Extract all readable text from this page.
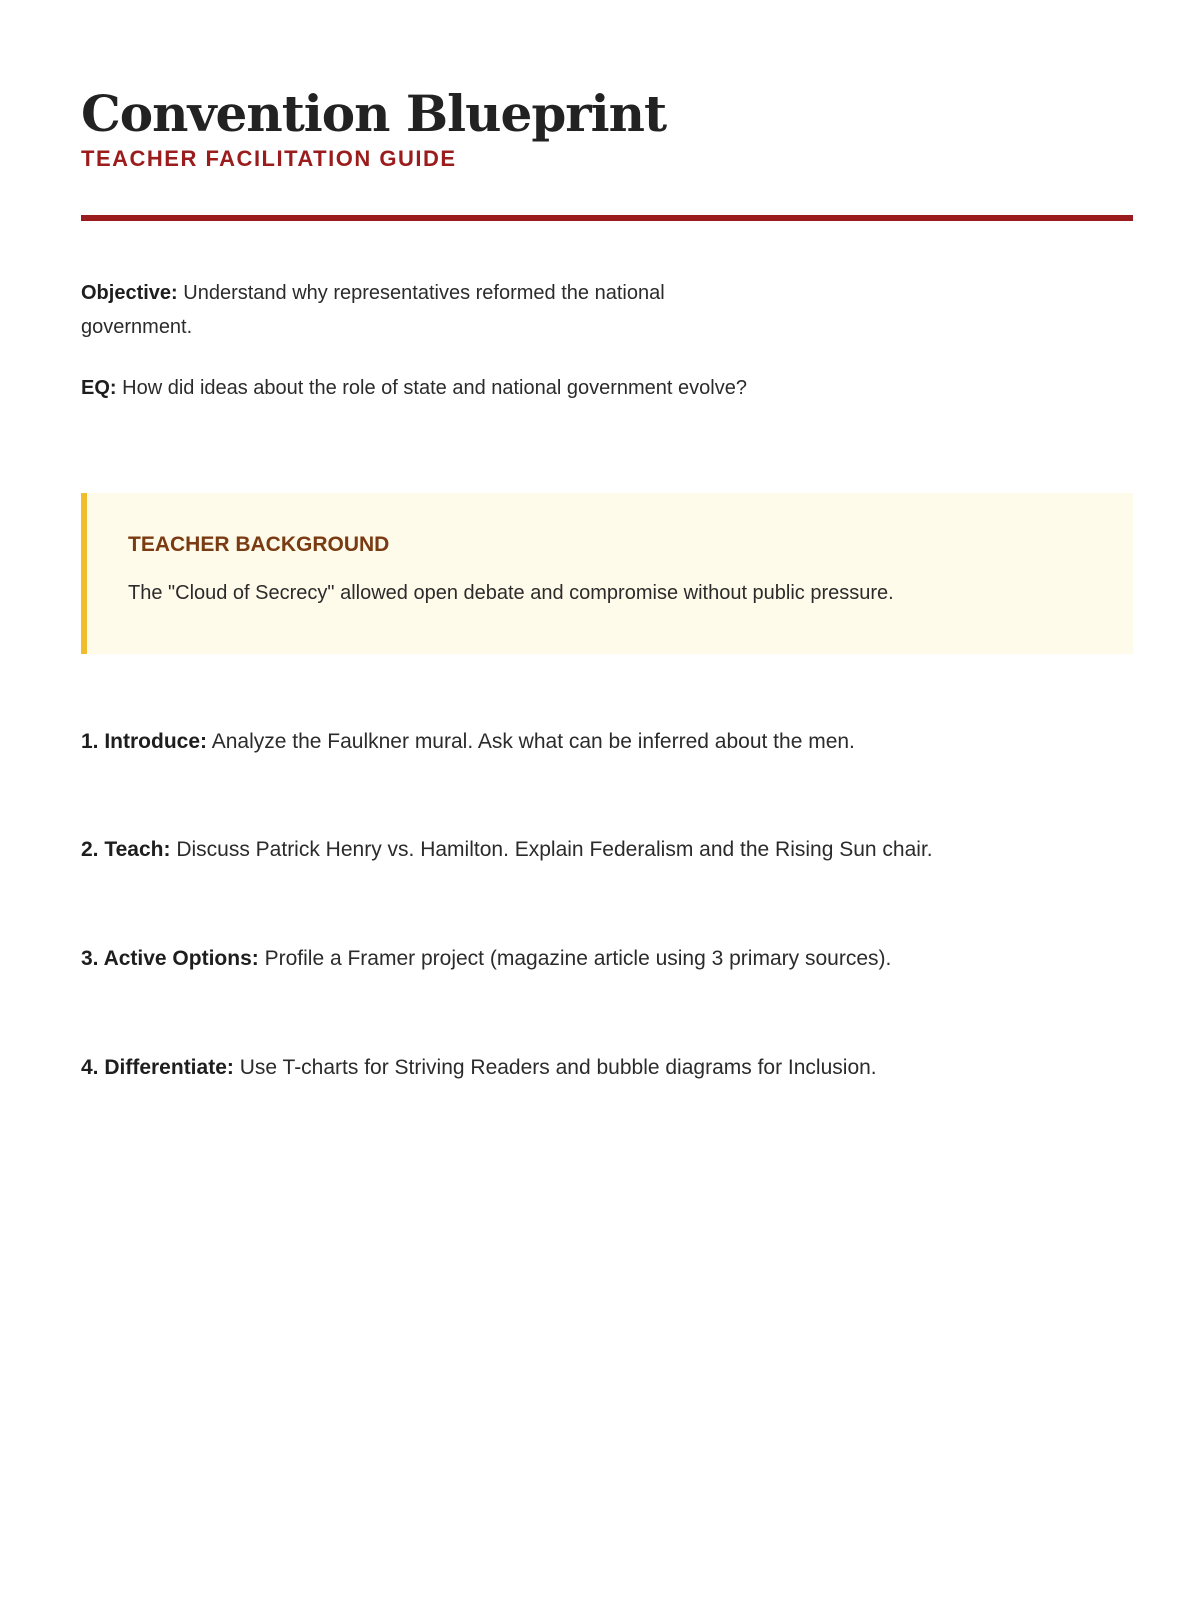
Convention Blueprint
TEACHER FACILITATION GUIDE

Objective: Understand why representatives reformed the national government.

EQ: How did ideas about the role of state and national government evolve?

TEACHER BACKGROUND

The "Cloud of Secrecy" allowed open debate and compromise without public pressure.

1. Introduce: Analyze the Faulkner mural. Ask what can be inferred about the men.

2. Teach: Discuss Patrick Henry vs. Hamilton. Explain Federalism and the Rising Sun chair.

3. Active Options: Profile a Framer project (magazine article using 3 primary sources).

4. Differentiate: Use T-charts for Striving Readers and bubble diagrams for Inclusion.
